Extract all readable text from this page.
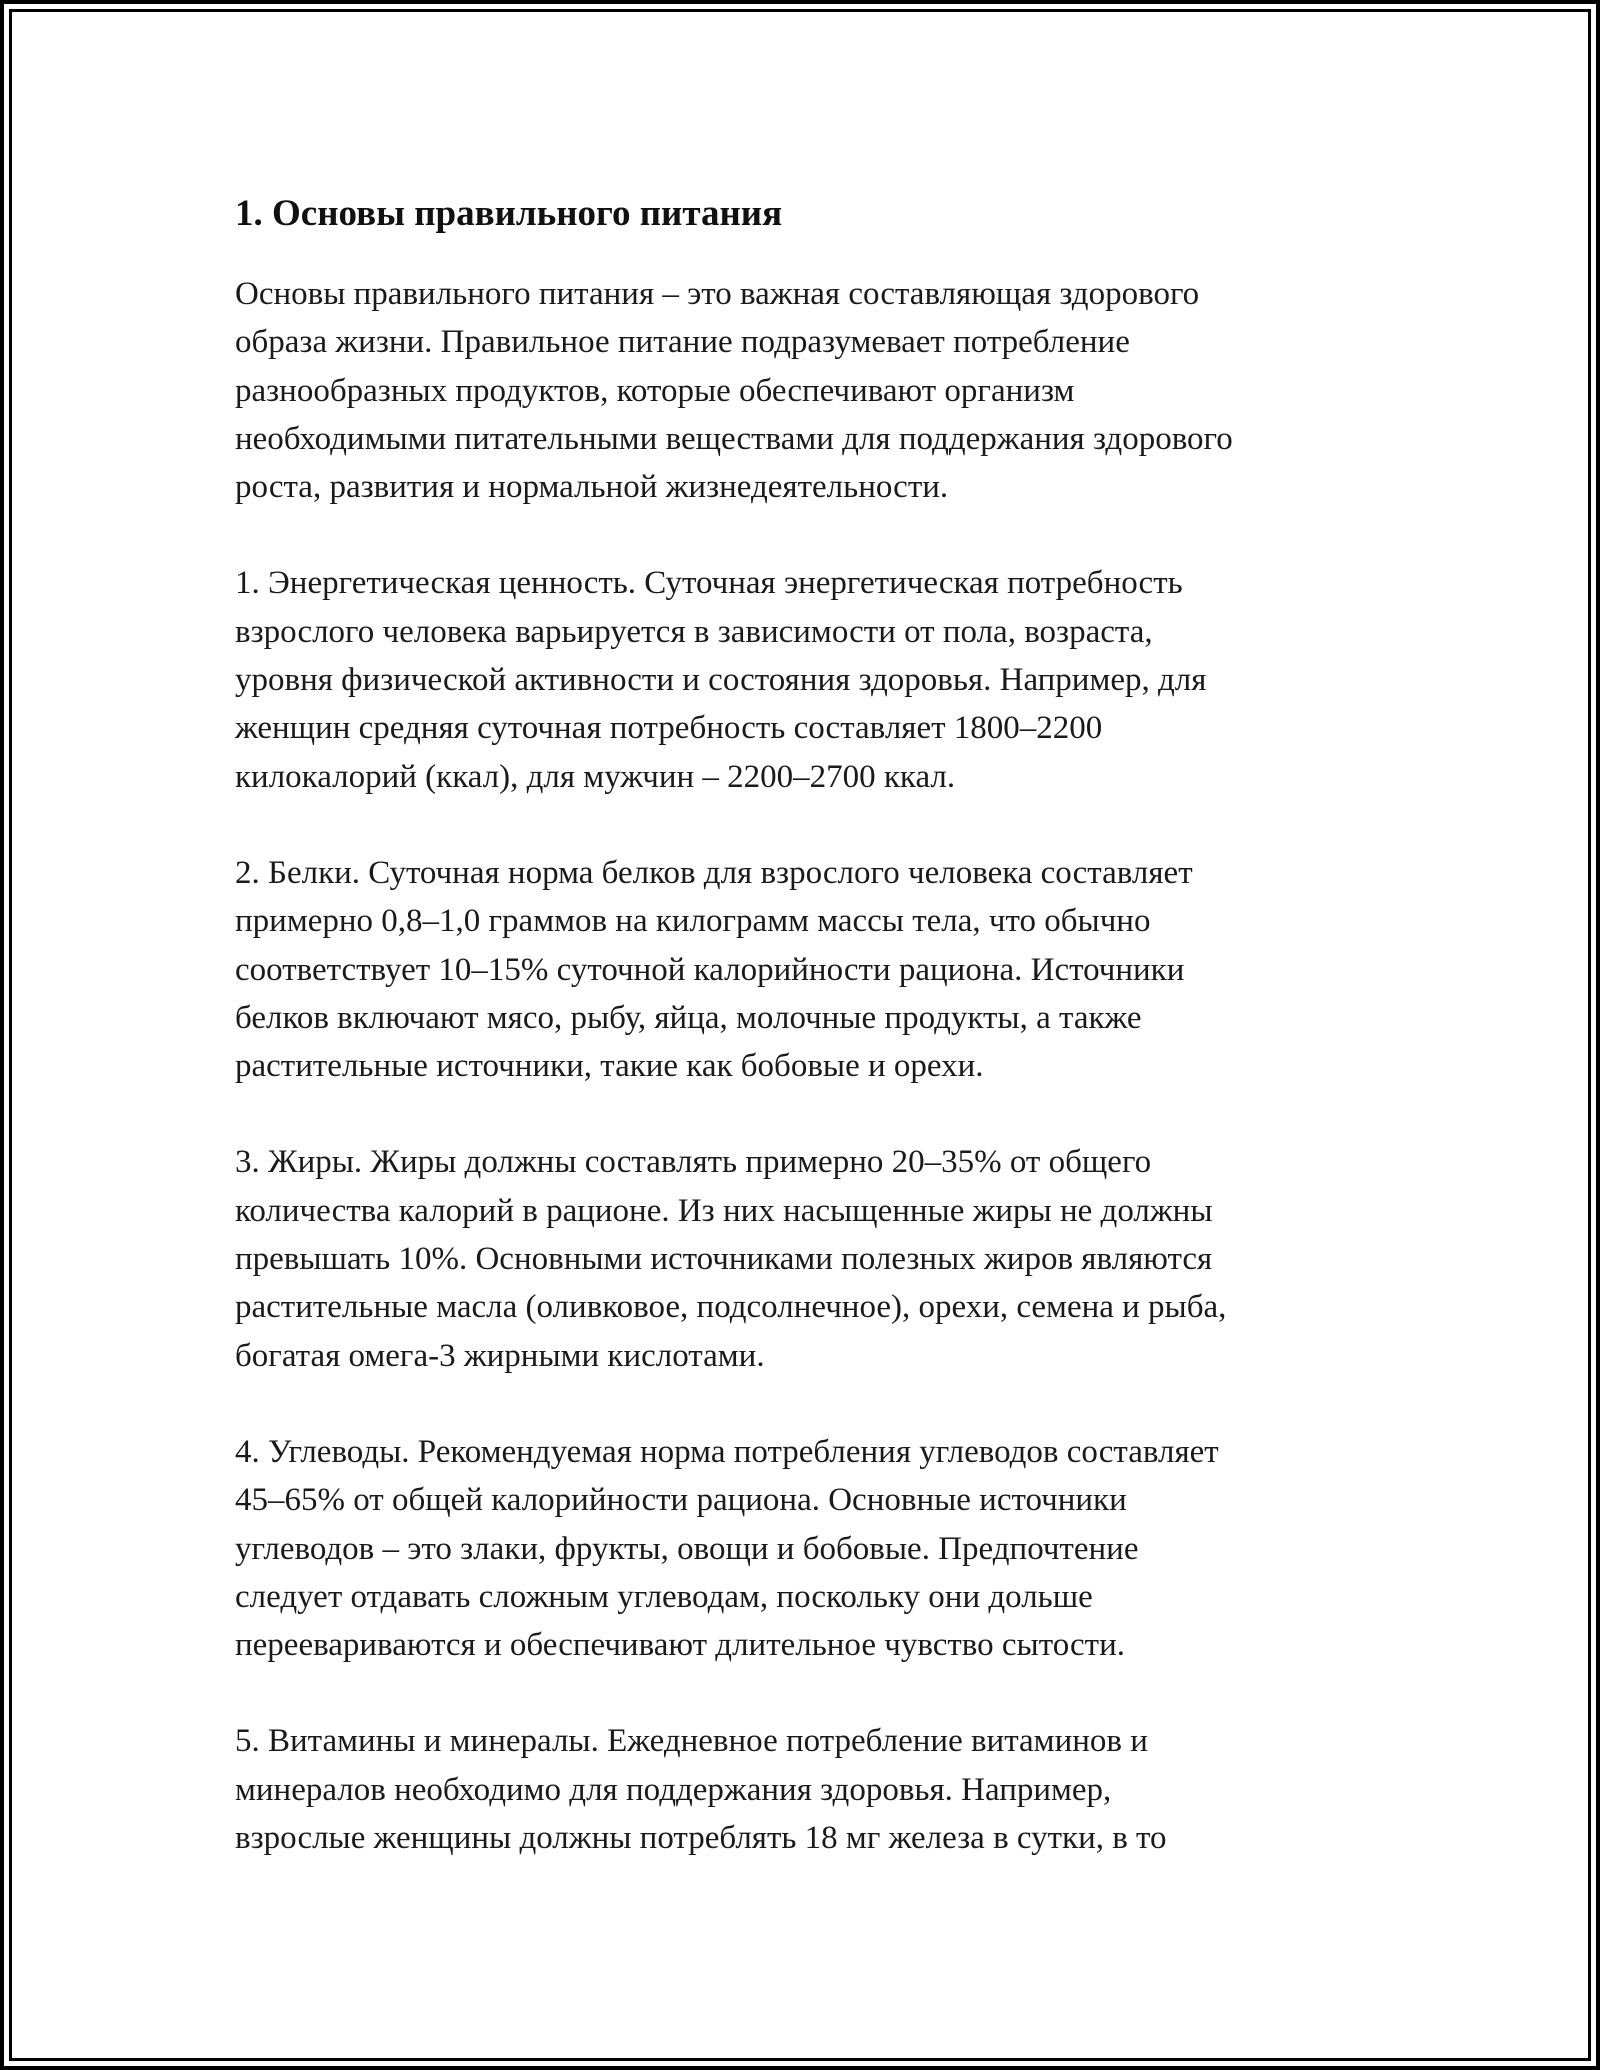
1. Основы правильного питания

Основы правильного питания – это важная составляющая здорового
образа жизни. Правильное питание подразумевает потребление
разнообразных продуктов, которые обеспечивают организм
необходимыми питательными веществами для поддержания здорового
роста, развития и нормальной жизнедеятельности.

1. Энергетическая ценность. Суточная энергетическая потребность
взрослого человека варьируется в зависимости от пола, возраста,
уровня физической активности и состояния здоровья. Например, для
женщин средняя суточная потребность составляет 1800–2200
килокалорий (ккал), для мужчин – 2200–2700 ккал.

2. Белки. Суточная норма белков для взрослого человека составляет
примерно 0,8–1,0 граммов на килограмм массы тела, что обычно
соответствует 10–15% суточной калорийности рациона. Источники
белков включают мясо, рыбу, яйца, молочные продукты, а также
растительные источники, такие как бобовые и орехи.

3. Жиры. Жиры должны составлять примерно 20–35% от общего
количества калорий в рационе. Из них насыщенные жиры не должны
превышать 10%. Основными источниками полезных жиров являются
растительные масла (оливковое, подсолнечное), орехи, семена и рыба,
богатая омега-3 жирными кислотами.

4. Углеводы. Рекомендуемая норма потребления углеводов составляет
45–65% от общей калорийности рациона. Основные источники
углеводов – это злаки, фрукты, овощи и бобовые. Предпочтение
следует отдавать сложным углеводам, поскольку они дольше
переевариваются и обеспечивают длительное чувство сытости.

5. Витамины и минералы. Ежедневное потребление витаминов и
минералов необходимо для поддержания здоровья. Например,
взрослые женщины должны потреблять 18 мг железа в сутки, в то
